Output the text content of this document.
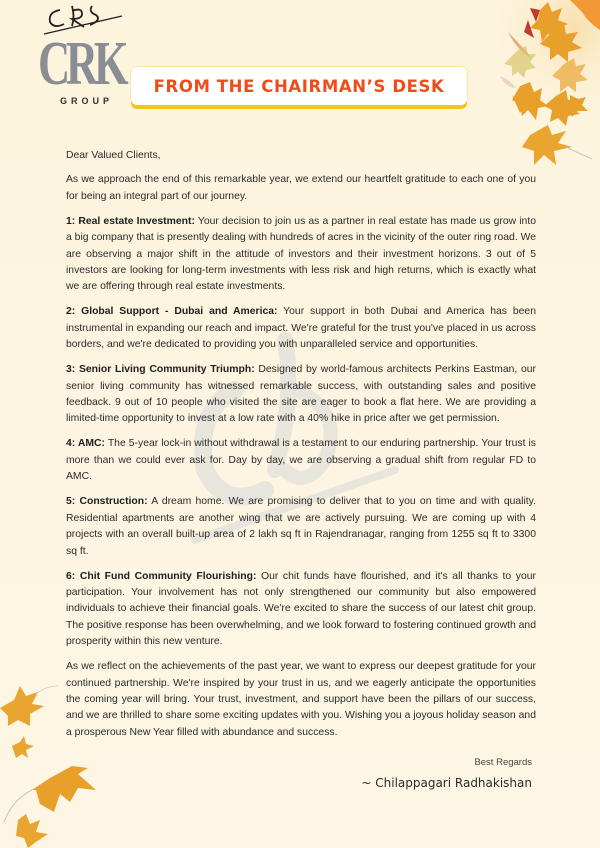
CRK
GROUP
FROM THE CHAIRMAN’S DESK

Dear Valued Clients,

As we approach the end of this remarkable year, we extend our heartfelt gratitude to each one of you for being an integral part of our journey.

1: Real estate Investment: Your decision to join us as a partner in real estate has made us grow into a big company that is presently dealing with hundreds of acres in the vicinity of the outer ring road. We are observing a major shift in the attitude of investors and their investment horizons. 3 out of 5 investors are looking for long-term investments with less risk and high returns, which is exactly what we are offering through real estate investments.

2: Global Support - Dubai and America: Your support in both Dubai and America has been instrumental in expanding our reach and impact. We're grateful for the trust you've placed in us across borders, and we're dedicated to providing you with unparalleled service and opportunities.

3: Senior Living Community Triumph: Designed by world-famous architects Perkins Eastman, our senior living community has witnessed remarkable success, with outstanding sales and positive feedback. 9 out of 10 people who visited the site are eager to book a flat here. We are providing a limited-time opportunity to invest at a low rate with a 40% hike in price after we get permission.

4: AMC: The 5-year lock-in without withdrawal is a testament to our enduring partnership. Your trust is more than we could ever ask for. Day by day, we are observing a gradual shift from regular FD to AMC.

5: Construction: A dream home. We are promising to deliver that to you on time and with quality. Residential apartments are another wing that we are actively pursuing. We are coming up with 4 projects with an overall built-up area of 2 lakh sq ft in Rajendranagar, ranging from 1255 sq ft to 3300 sq ft.

6: Chit Fund Community Flourishing: Our chit funds have flourished, and it's all thanks to your participation. Your involvement has not only strengthened our community but also empowered individuals to achieve their financial goals. We're excited to share the success of our latest chit group. The positive response has been overwhelming, and we look forward to fostering continued growth and prosperity within this new venture.

As we reflect on the achievements of the past year, we want to express our deepest gratitude for your continued partnership. We're inspired by your trust in us, and we eagerly anticipate the opportunities the coming year will bring. Your trust, investment, and support have been the pillars of our success, and we are thrilled to share some exciting updates with you. Wishing you a joyous holiday season and a prosperous New Year filled with abundance and success.

Best Regards
~ Chilappagari Radhakishan
